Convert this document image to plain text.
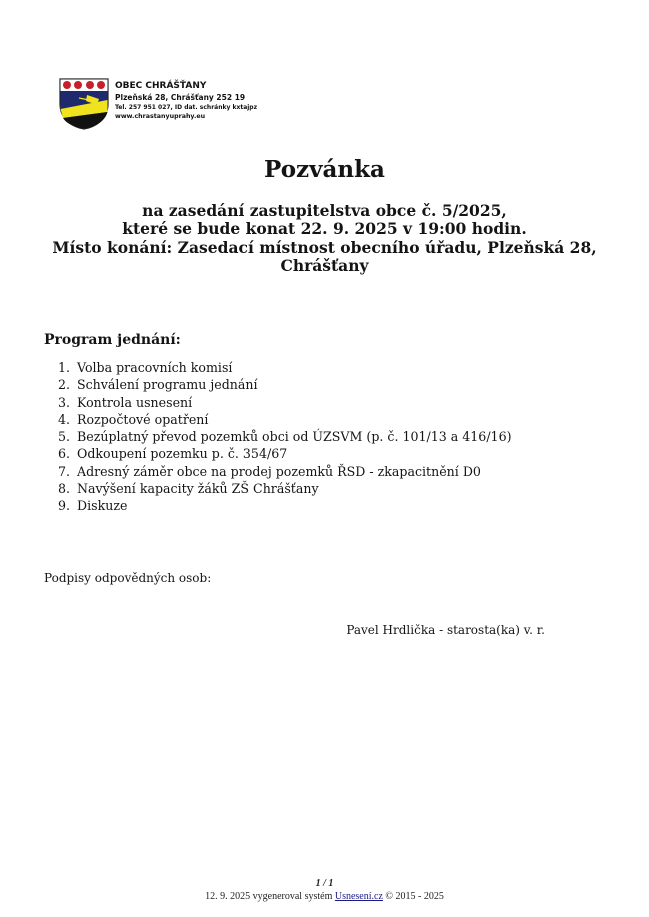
OBEC CHRÁŠŤANY
Plzeňská 28, Chrášťany 252 19
Tel. 257 951 027, ID dat. schránky kxtajpz
www.chrastanyuprahy.eu
Pozvánka
na zasedání zastupitelstva obce č. 5/2025,
které se bude konat 22. 9. 2025 v 19:00 hodin.
Místo konání: Zasedací místnost obecního úřadu, Plzeňská 28,
Chrášťany
Program jednání:
1. Volba pracovních komisí
2. Schválení programu jednání
3. Kontrola usnesení
4. Rozpočtové opatření
5. Bezúplatný převod pozemků obci od ÚZSVM (p. č. 101/13 a 416/16)
6. Odkoupení pozemku p. č. 354/67
7. Adresný záměr obce na prodej pozemků ŘSD - zkapacitnění D0
8. Navýšení kapacity žáků ZŠ Chrášťany
9. Diskuze
Podpisy odpovědných osob:
Pavel Hrdlička - starosta(ka) v. r.
1 / 1
12. 9. 2025 vygeneroval systém Usnesení.cz © 2015 - 2025
